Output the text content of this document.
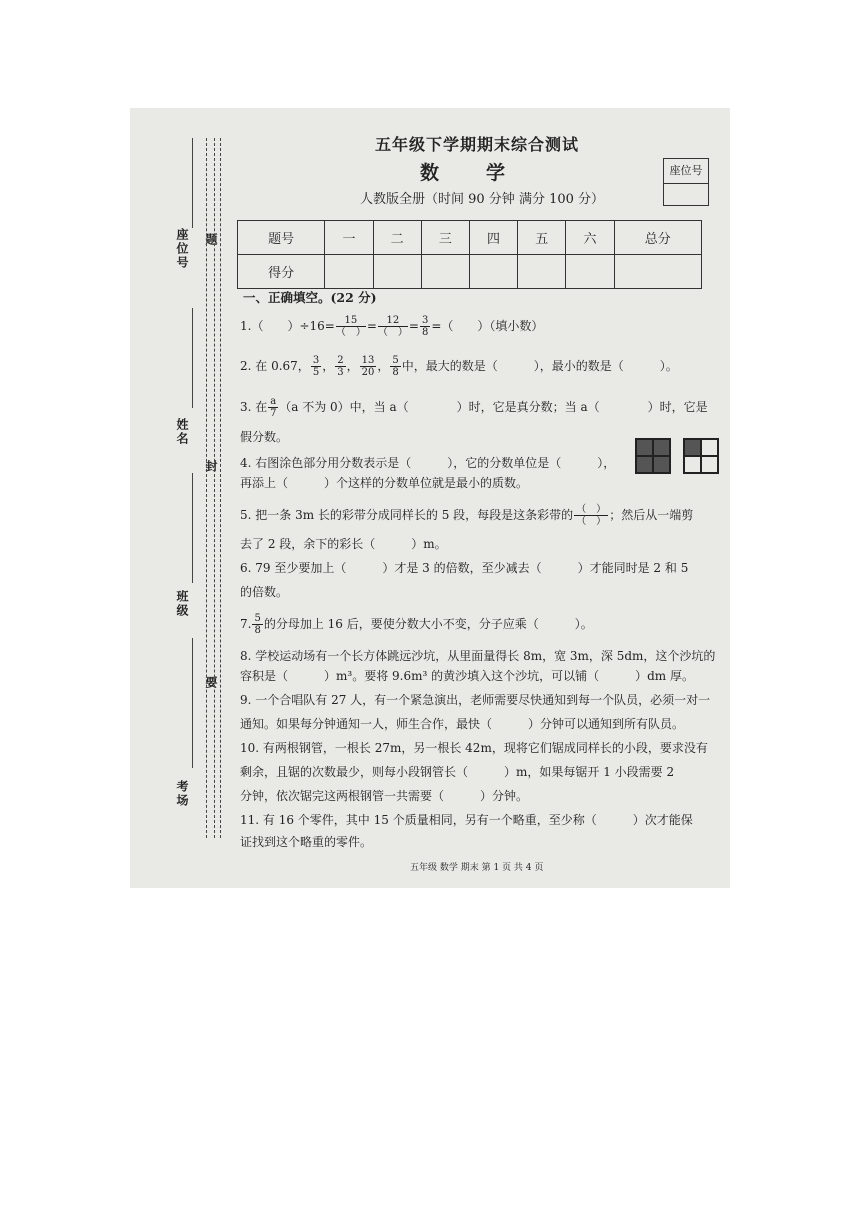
座位号 题
姓名
封
班级
要
考场
五年级下学期期末综合测试
数　学
人教版全册（时间 90 分钟 满分 100 分）
座位号
题号	一	二	三	四	五	六	总分
得分							
一、正确填空。(22 分)
1.（　　）$\div 16= \frac{15}{( )} = \frac{12}{( )} = \frac{3}{8}$ =（　　）（填小数）
2. 在 0.67， $\frac{3}{5}$ ， $\frac{2}{3}$ ， $\frac{13}{20}$ ， $\frac{5}{8}$ 中，最大的数是（　　　），最小的数是（　　　）。
3. 在 $\frac{a}{7} (a$ 不为 0）中，当 a（　　　　）时，它是真分数；当 a（　　　　）时，它是
假分数。
4. 右图涂色部分用分数表示是（　　　），它的分数单位是（　　　），
再添上（　　　）个这样的分数单位就是最小的质数。
5. 把一条 3m 长的彩带分成同样长的 5 段，每段是这条彩带的 $\frac{( )}{( )}$ ；然后从一端剪
去了 2 段，余下的彩长（　　　）m。
6. 79 至少要加上（　　　）才是 3 的倍数，至少减去（　　　）才能同时是 2 和 5
的倍数。
7. $\frac{5}{8}$ 的分母加上 16 后，要使分数大小不变，分子应乘（　　　）。
8. 学校运动场有一个长方体跳远沙坑，从里面量得长 8m，宽 3m，深 5dm，这个沙坑的
容积是（　　　）m³。要将 9.6m³ 的黄沙填入这个沙坑，可以铺（　　　）dm 厚。
9. 一个合唱队有 27 人，有一个紧急演出，老师需要尽快通知到每一个队员，必须一对一
通知。如果每分钟通知一人，师生合作，最快（　　　）分钟可以通知到所有队员。
10. 有两根钢管，一根长 27m，另一根长 42m，现将它们锯成同样长的小段，要求没有
剩余，且锯的次数最少，则每小段钢管长（　　　）m，如果每锯开 1 小段需要 2
分钟，依次锯完这两根钢管一共需要（　　　）分钟。
11. 有 16 个零件，其中 15 个质量相同，另有一个略重，至少称（　　　）次才能保
证找到这个略重的零件。
五年级 数学 期末 第 1 页 共 4 页
